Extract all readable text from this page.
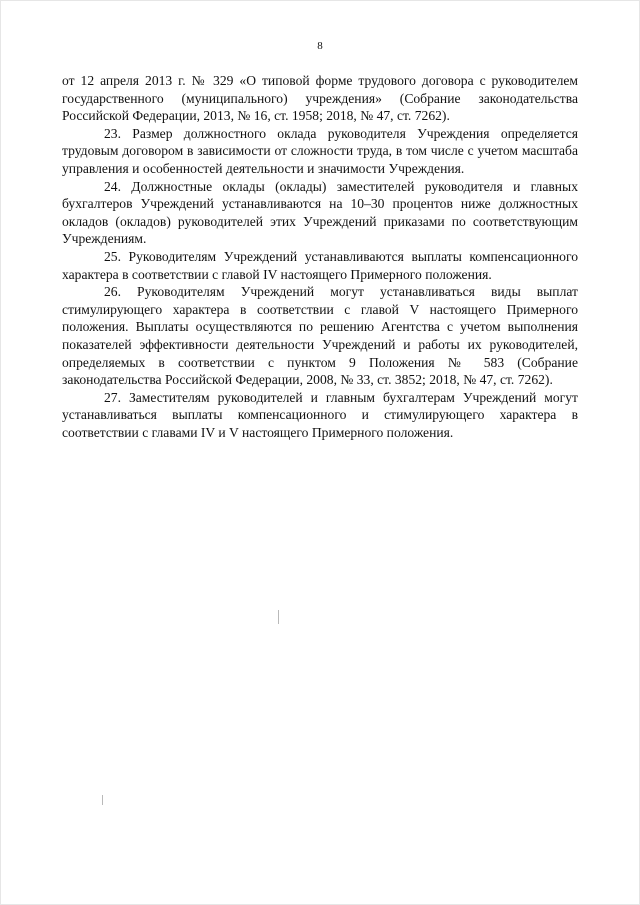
8

от 12 апреля 2013 г. № 329 «О типовой форме трудового договора с руководителем государственного (муниципального) учреждения» (Собрание законодательства Российской Федерации, 2013, № 16, ст. 1958; 2018, № 47, ст. 7262).

23. Размер должностного оклада руководителя Учреждения определяется трудовым договором в зависимости от сложности труда, в том числе с учетом масштаба управления и особенностей деятельности и значимости Учреждения.

24. Должностные оклады (оклады) заместителей руководителя и главных бухгалтеров Учреждений устанавливаются на 10–30 процентов ниже должностных окладов (окладов) руководителей этих Учреждений приказами по соответствующим Учреждениям.

25. Руководителям Учреждений устанавливаются выплаты компенсационного характера в соответствии с главой IV настоящего Примерного положения.

26. Руководителям Учреждений могут устанавливаться виды выплат стимулирующего характера в соответствии с главой V настоящего Примерного положения. Выплаты осуществляются по решению Агентства с учетом выполнения показателей эффективности деятельности Учреждений и работы их руководителей, определяемых в соответствии с пунктом 9 Положения № 583 (Собрание законодательства Российской Федерации, 2008, № 33, ст. 3852; 2018, № 47, ст. 7262).

27. Заместителям руководителей и главным бухгалтерам Учреждений могут устанавливаться выплаты компенсационного и стимулирующего характера в соответствии с главами IV и V настоящего Примерного положения.
